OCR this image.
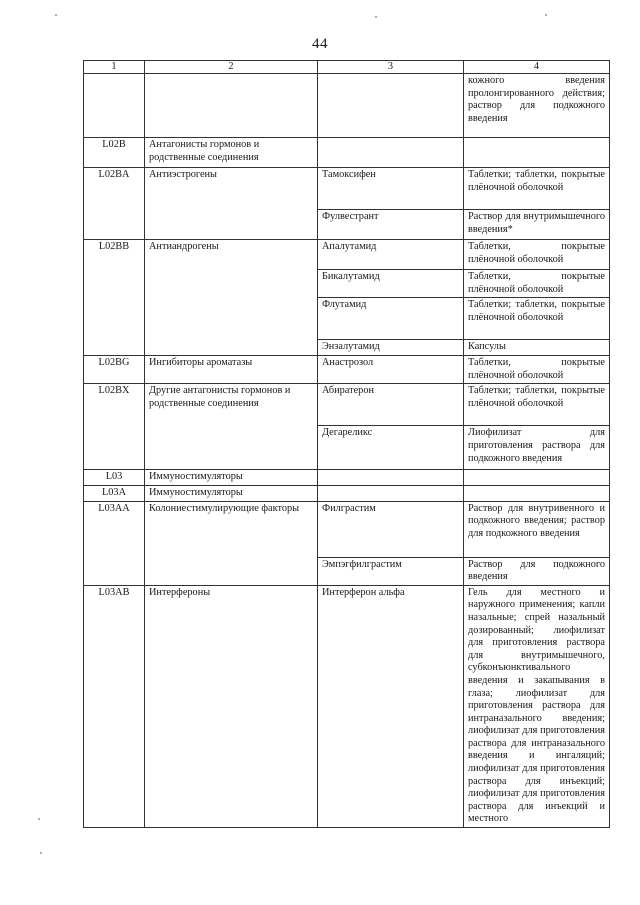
44
1	2	3	4
			кожного введения пролонгированного действия; раствор для подкожного введения
L02B	Антагонисты гормонов и родственные соединения		
L02BA	Антиэстрогены	Тамоксифен	Таблетки; таблетки, покрытые плёночной оболочкой
		Фулвестрант	Раствор для внутримышечного введения*
L02BB	Антиандрогены	Апалутамид	Таблетки, покрытые плёночной оболочкой
		Бикалутамид	Таблетки, покрытые плёночной оболочкой
		Флутамид	Таблетки; таблетки, покрытые плёночной оболочкой
		Энзалутамид	Капсулы
L02BG	Ингибиторы ароматазы	Анастрозол	Таблетки, покрытые плёночной оболочкой
L02BX	Другие антагонисты гормонов и родственные соединения	Абиратерон	Таблетки; таблетки, покрытые плёночной оболочкой
		Дегареликс	Лиофилизат для приготовления раствора для подкожного введения
L03	Иммуностимуляторы		
L03A	Иммуностимуляторы		
L03AA	Колониестимулирующие факторы	Филграстим	Раствор для внутривенного и подкожного введения; раствор для подкожного введения
		Эмпэгфилграстим	Раствор для подкожного введения
L03AB	Интерфероны	Интерферон альфа	Гель для местного и наружного применения; капли назальные; спрей назальный дозированный; лиофилизат для приготовления раствора для внутримышечного, субконъюнктивального введения и закапывания в глаза; лиофилизат для приготовления раствора для интраназального введения; лиофилизат для приготовления раствора для интраназального введения и ингаляций; лиофилизат для приготовления раствора для инъекций; лиофилизат для приготовления раствора для инъекций и местного
